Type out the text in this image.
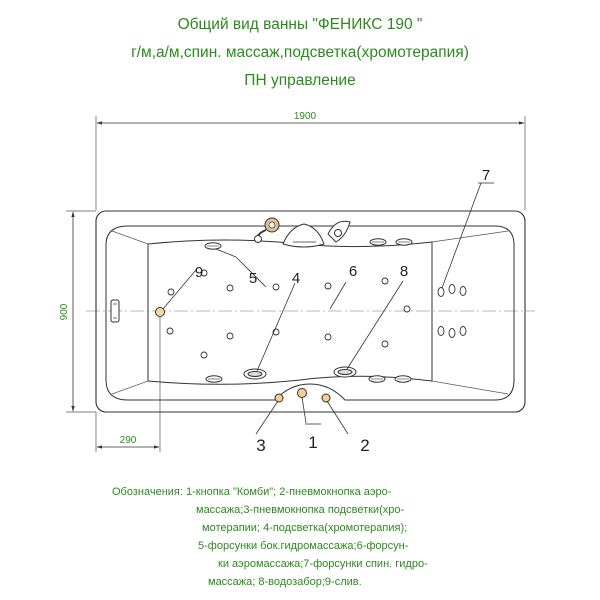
Общий вид ванны "ФЕНИКС 190 "
г/м,а/м,спин. массаж,подсветка(хромотерапия)
ПН управление
1900
900
290
9	5 4	6	8
7
3	1	2
Обозначения: 1-кнопка "Комби"; 2-пневмокнопка аэро-
массажа;3-пневмокнопка подсветки(хро-
мотерапии; 4-подсветка(хромотерапия);
5-форсунки бок.гидромассажа;6-форсун-
ки аэромассажа;7-форсунки спин. гидро-
массажа; 8-водозабор;9-слив.
